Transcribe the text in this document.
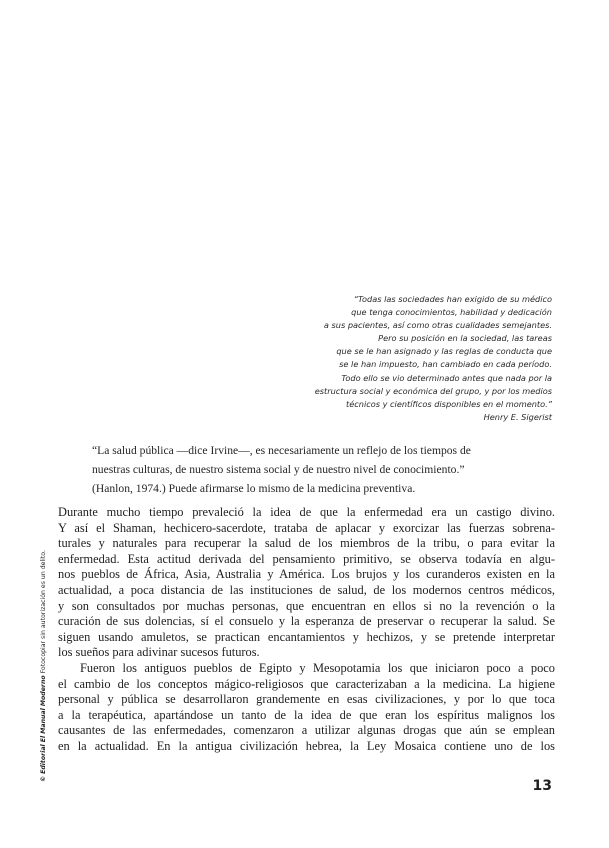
“Todas las sociedades han exigido de su médico
que tenga conocimientos, habilidad y dedicación
a sus pacientes, así como otras cualidades semejantes.
Pero su posición en la sociedad, las tareas
que se le han asignado y las reglas de conducta que
se le han impuesto, han cambiado en cada período.
Todo ello se vio determinado antes que nada por la
estructura social y económica del grupo, y por los medios
técnicos y científicos disponibles en el momento.”
Henry E. Sigerist
“La salud pública —dice Irvine—, es necesariamente un reflejo de los tiempos de
nuestras culturas, de nuestro sistema social y de nuestro nivel de conocimiento.”
(Hanlon, 1974.) Puede afirmarse lo mismo de la medicina preventiva.
Durante mucho tiempo prevaleció la idea de que la enfermedad era un castigo divino.
Y así el Shaman, hechicero-sacerdote, trataba de aplacar y exorcizar las fuerzas sobrena-
turales y naturales para recuperar la salud de los miembros de la tribu, o para evitar la
enfermedad. Esta actitud derivada del pensamiento primitivo, se observa todavía en algu-
nos pueblos de África, Asia, Australia y América. Los brujos y los curanderos existen en la
actualidad, a poca distancia de las instituciones de salud, de los modernos centros médicos,
y son consultados por muchas personas, que encuentran en ellos si no la revención o la
curación de sus dolencias, sí el consuelo y la esperanza de preservar o recuperar la salud. Se
siguen usando amuletos, se practican encantamientos y hechizos, y se pretende interpretar
los sueños para adivinar sucesos futuros.
Fueron los antiguos pueblos de Egipto y Mesopotamia los que iniciaron poco a poco
el cambio de los conceptos mágico-religiosos que caracterizaban a la medicina. La higiene
personal y pública se desarrollaron grandemente en esas civilizaciones, y por lo que toca
a la terapéutica, apartándose un tanto de la idea de que eran los espíritus malignos los
causantes de las enfermedades, comenzaron a utilizar algunas drogas que aún se emplean
en la actualidad. En la antigua civilización hebrea, la Ley Mosaica contiene uno de los
13
© Editorial El Manual Moderno Fotocopiar sin autorización es un delito.
